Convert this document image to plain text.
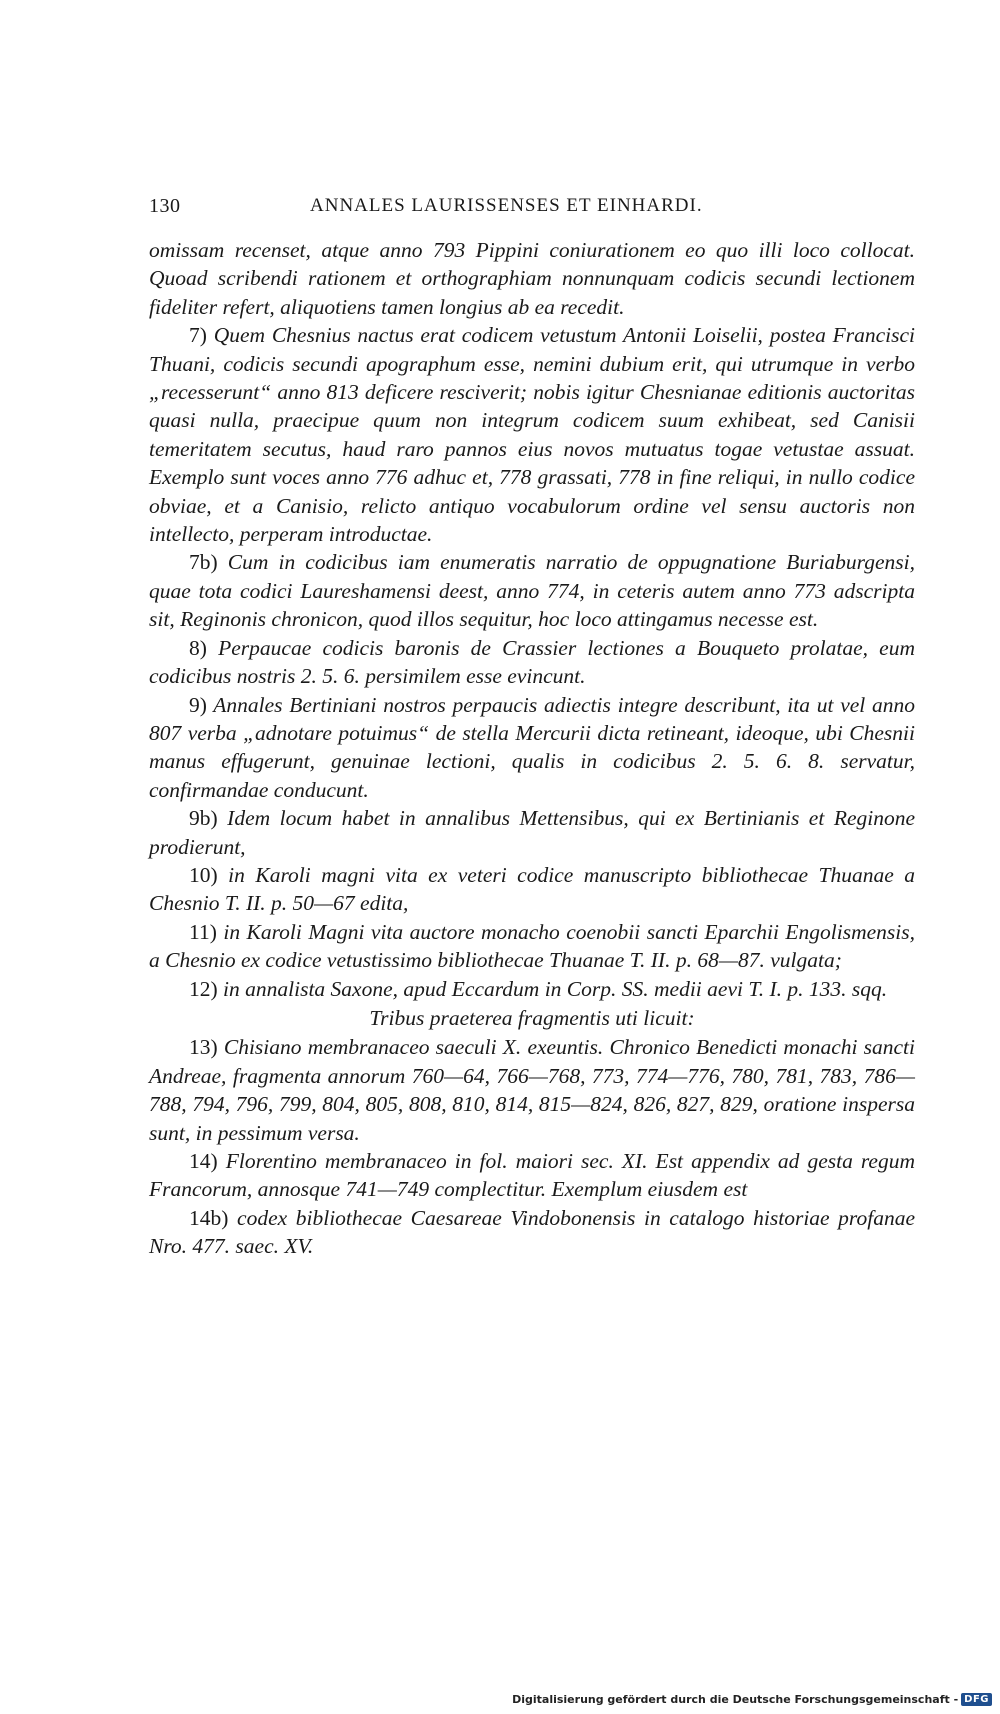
130	ANNALES LAURISSENSES ET EINHARDI.

omissam recenset, atque anno 793 Pippini coniurationem eo quo illi loco collocat. Quoad scribendi rationem et orthographiam nonnunquam codicis secundi lectionem fideliter refert, aliquotiens tamen longius ab ea recedit.

7) Quem Chesnius nactus erat codicem vetustum Antonii Loiselii, postea Francisci Thuani, codicis secundi apographum esse, nemini dubium erit, qui utrumque in verbo „recesserunt“ anno 813 deficere resciverit; nobis igitur Chesnianae editionis auctoritas quasi nulla, praecipue quum non integrum codicem suum exhibeat, sed Canisii temeritatem secutus, haud raro pannos eius novos mutuatus togae vetustae assuat. Exemplo sunt voces anno 776 adhuc et, 778 grassati, 778 in fine reliqui, in nullo codice obviae, et a Canisio, relicto antiquo vocabulorum ordine vel sensu auctoris non intellecto, perperam introductae.

7b) Cum in codicibus iam enumeratis narratio de oppugnatione Buriaburgensi, quae tota codici Laureshamensi deest, anno 774, in ceteris autem anno 773 adscripta sit, Reginonis chronicon, quod illos sequitur, hoc loco attingamus necesse est.

8) Perpaucae codicis baronis de Crassier lectiones a Bouqueto prolatae, eum codicibus nostris 2. 5. 6. persimilem esse evincunt.

9) Annales Bertiniani nostros perpaucis adiectis integre describunt, ita ut vel anno 807 verba „adnotare potuimus“ de stella Mercurii dicta retineant, ideoque, ubi Chesnii manus effugerunt, genuinae lectioni, qualis in codicibus 2. 5. 6. 8. servatur, confirmandae conducunt.

9b) Idem locum habet in annalibus Mettensibus, qui ex Bertinianis et Reginone prodierunt,

10) in Karoli magni vita ex veteri codice manuscripto bibliothecae Thuanae a Chesnio T. II. p. 50—67 edita,

11) in Karoli Magni vita auctore monacho coenobii sancti Eparchii Engolismensis, a Chesnio ex codice vetustissimo bibliothecae Thuanae T. II. p. 68—87. vulgata;

12) in annalista Saxone, apud Eccardum in Corp. SS. medii aevi T. I. p. 133. sqq.

Tribus praeterea fragmentis uti licuit:

13) Chisiano membranaceo saeculi X. exeuntis. Chronico Benedicti monachi sancti Andreae, fragmenta annorum 760—64, 766—768, 773, 774—776, 780, 781, 783, 786—788, 794, 796, 799, 804, 805, 808, 810, 814, 815—824, 826, 827, 829, oratione inspersa sunt, in pessimum versa.

14) Florentino membranaceo in fol. maiori sec. XI. Est appendix ad gesta regum Francorum, annosque 741—749 complectitur. Exemplum eiusdem est

14b) codex bibliothecae Caesareae Vindobonensis in catalogo historiae profanae Nro. 477. saec. XV.

Digitalisierung gefördert durch die Deutsche Forschungsgemeinschaft - DFG
